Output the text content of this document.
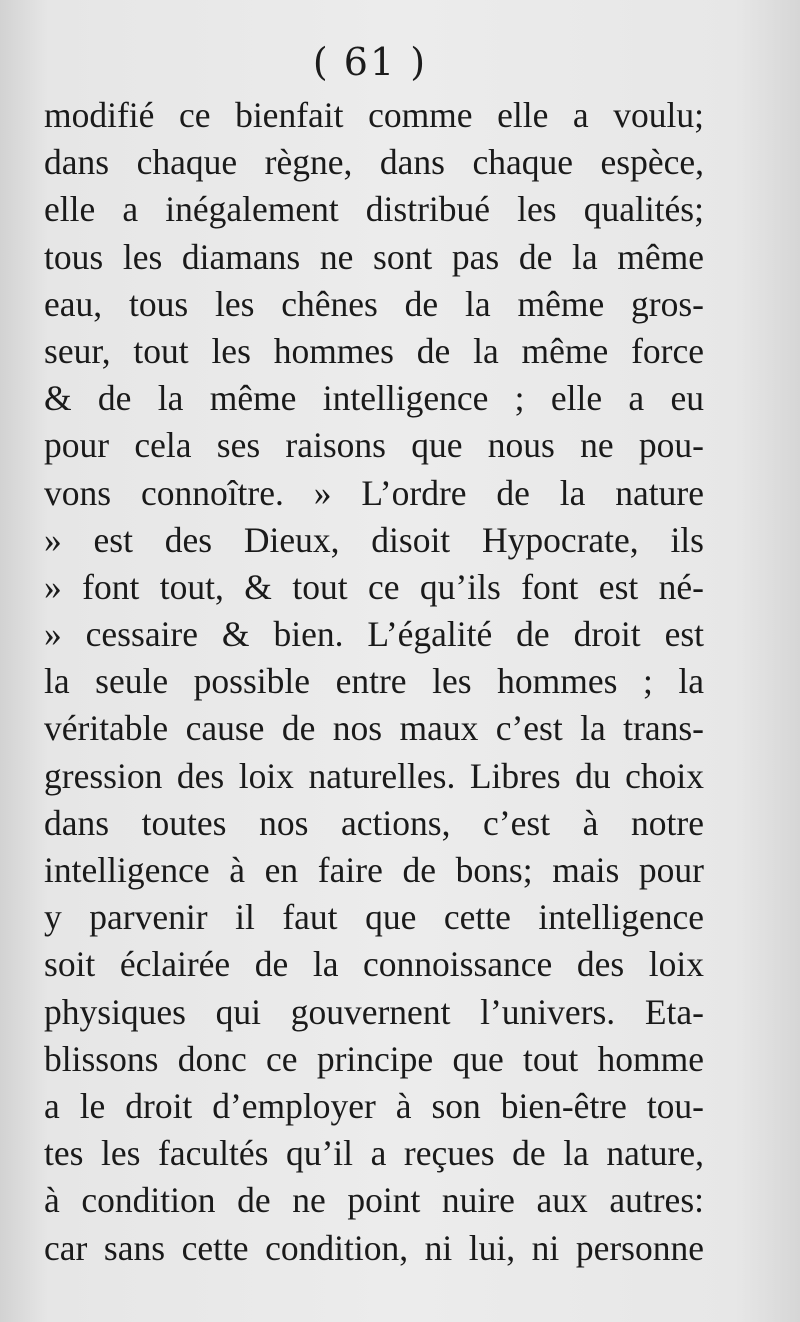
( 61 )
modifié ce bienfait comme elle a voulu;
dans chaque règne, dans chaque espèce,
elle a inégalement distribué les qualités;
tous les diamans ne sont pas de la même
eau, tous les chênes de la même gros-
seur, tout les hommes de la même force
& de la même intelligence ; elle a eu
pour cela ses raisons que nous ne pou-
vons connoître. » L’ordre de la nature
» est des Dieux, disoit Hypocrate, ils
» font tout, & tout ce qu’ils font est né-
» cessaire & bien. L’égalité de droit est
la seule possible entre les hommes ; la
véritable cause de nos maux c’est la trans-
gression des loix naturelles. Libres du choix
dans toutes nos actions, c’est à notre
intelligence à en faire de bons; mais pour
y parvenir il faut que cette intelligence
soit éclairée de la connoissance des loix
physiques qui gouvernent l’univers. Eta-
blissons donc ce principe que tout homme
a le droit d’employer à son bien-être tou-
tes les facultés qu’il a reçues de la nature,
à condition de ne point nuire aux autres:
car sans cette condition, ni lui, ni personne
